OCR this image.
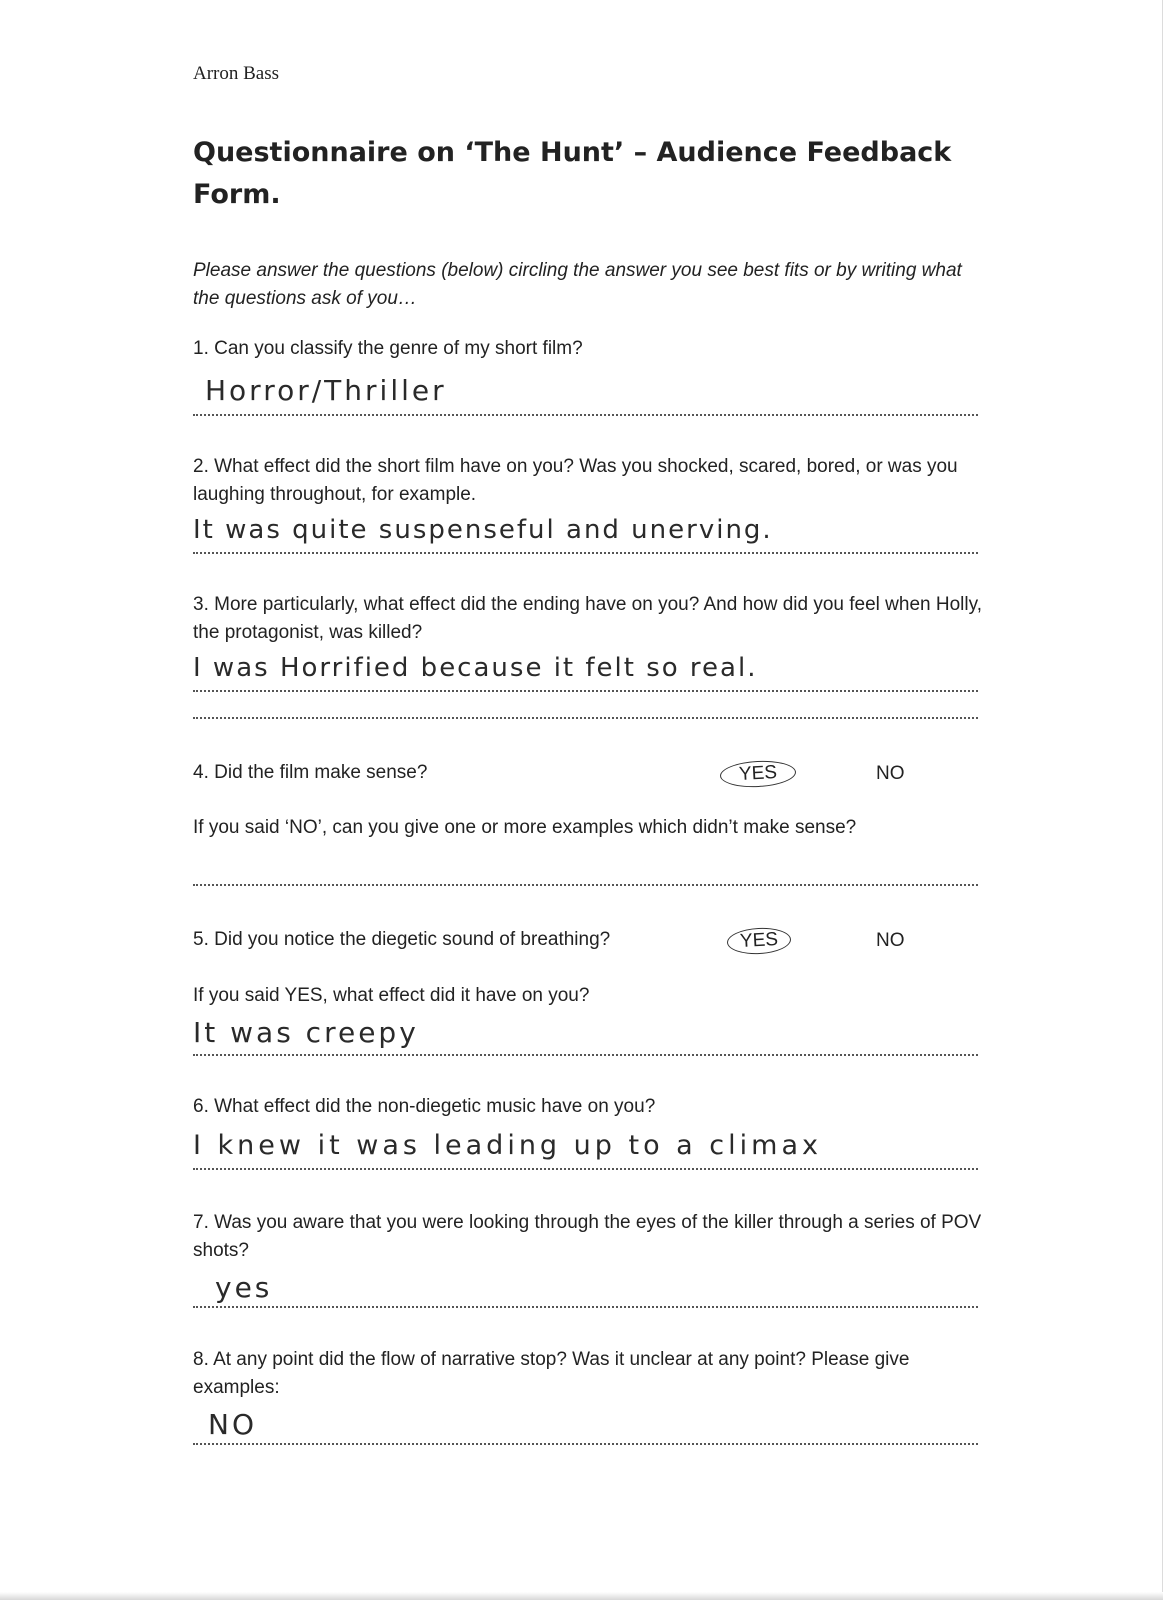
Arron Bass
Questionnaire on ‘The Hunt’ – Audience Feedback Form.
Please answer the questions (below) circling the answer you see best fits or by writing what the questions ask of you…
1. Can you classify the genre of my short film?
Horror/Thriller
2. What effect did the short film have on you? Was you shocked, scared, bored, or was you laughing throughout, for example.
It was quite suspenseful and unerving.
3. More particularly, what effect did the ending have on you? And how did you feel when Holly, the protagonist, was killed?
I was Horrified because it felt so real.
4. Did the film make sense?	YES	NO
If you said ‘NO’, can you give one or more examples which didn’t make sense?
5. Did you notice the diegetic sound of breathing?	YES	NO
If you said YES, what effect did it have on you?
It was creepy
6. What effect did the non-diegetic music have on you?
I knew it was leading up to a climax
7. Was you aware that you were looking through the eyes of the killer through a series of POV shots?
yes
8. At any point did the flow of narrative stop? Was it unclear at any point? Please give examples:
NO
